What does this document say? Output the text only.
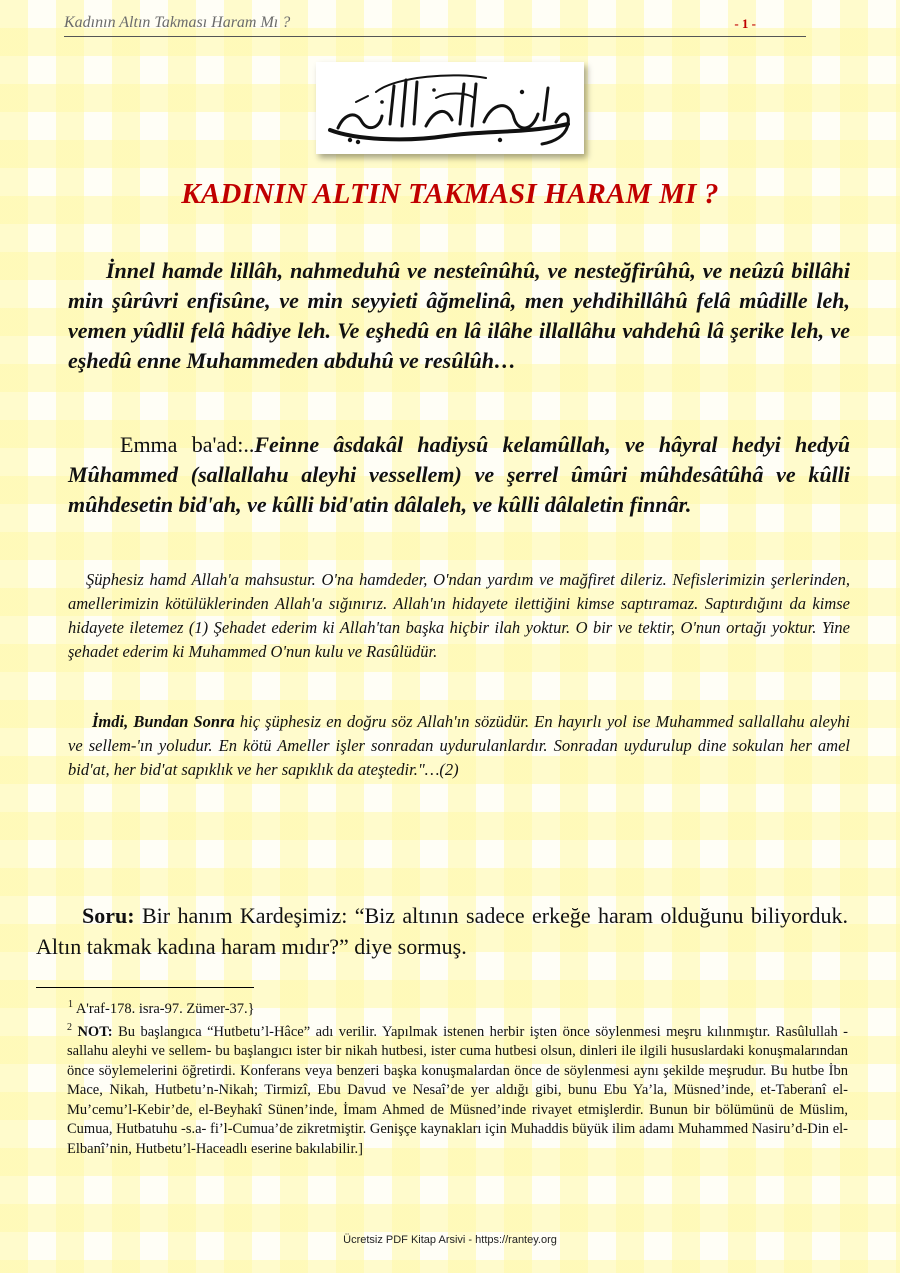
Kadının Altın Takması Haram Mı ?	- 1 -
KADININ ALTIN TAKMASI HARAM MI ?

İnnel hamde lillâh, nahmeduhû ve nesteînûhû, ve nesteğfirûhû, ve neûzû billâhi min şûrûvri enfisûne, ve min seyyieti âğmelinâ, men yehdihillâhû felâ mûdille leh, vemen yûdlil felâ hâdiye leh. Ve eşhedû en lâ ilâhe illallâhu vahdehû lâ şerike leh, ve eşhedû enne Muhammeden abduhû ve resûlûh…

Emma ba'ad:..Feinne âsdakâl hadiysû kelamûllah, ve hâyral hedyi hedyû Mûhammed (sallallahu aleyhi vessellem) ve şerrel ûmûri mûhdesâtûhâ ve kûlli mûhdesetin bid'ah, ve kûlli bid'atin dâlaleh, ve kûlli dâlaletin finnâr.

Şüphesiz hamd Allah'a mahsustur. O'na hamdeder, O'ndan yardım ve mağfiret dileriz. Nefislerimizin şerlerinden, amellerimizin kötülüklerinden Allah'a sığınırız. Allah'ın hidayete ilettiğini kimse saptıramaz. Saptırdığını da kimse hidayete iletemez (1) Şehadet ederim ki Allah'tan başka hiçbir ilah yoktur. O bir ve tektir, O'nun ortağı yoktur. Yine şehadet ederim ki Muhammed O'nun kulu ve Rasûlüdür.

İmdi, Bundan Sonra hiç şüphesiz en doğru söz Allah'ın sözüdür. En hayırlı yol ise Muhammed sallallahu aleyhi ve sellem-'ın yoludur. En kötü Ameller işler sonradan uydurulanlardır. Sonradan uydurulup dine sokulan her amel bid'at, her bid'at sapıklık ve her sapıklık da ateştedir."…(2)

Soru: Bir hanım Kardeşimiz: “Biz altının sadece erkeğe haram olduğunu biliyorduk. Altın takmak kadına haram mıdır?” diye sormuş.

$^1$ A'raf-178. isra-97. Zümer-37.}

$^2$ NOT: Bu başlangıca “Hutbetu’l-Hâce” adı verilir. Yapılmak istenen herbir işten önce söylenmesi meşru kılınmıştır. Rasûlullah -sallahu aleyhi ve sellem- bu başlangıcı ister bir nikah hutbesi, ister cuma hutbesi olsun, dinleri ile ilgili hususlardaki konuşmalarından önce söylemelerini öğretirdi. Konferans veya benzeri başka konuşmalardan önce de söylenmesi aynı şekilde meşrudur. Bu hutbe İbn Mace, Nikah, Hutbetu’n-Nikah; Tirmizî, Ebu Davud ve Nesaî’de yer aldığı gibi, bunu Ebu Ya’la, Müsned’inde, et-Taberanî el-Mu’cemu’l-Kebir’de, el-Beyhakî Sünen’inde, İmam Ahmed de Müsned’inde rivayet etmişlerdir. Bunun bir bölümünü de Müslim, Cumua, Hutbatuhu -s.a- fi’l-Cumua’de zikretmiştir. Genişçe kaynakları için Muhaddis büyük ilim adamı Muhammed Nasiru’d-Din el-Elbanî’nin, Hutbetu’l-Haceadlı eserine bakılabilir.]

Ücretsiz PDF Kitap Arsivi - https://rantey.org
